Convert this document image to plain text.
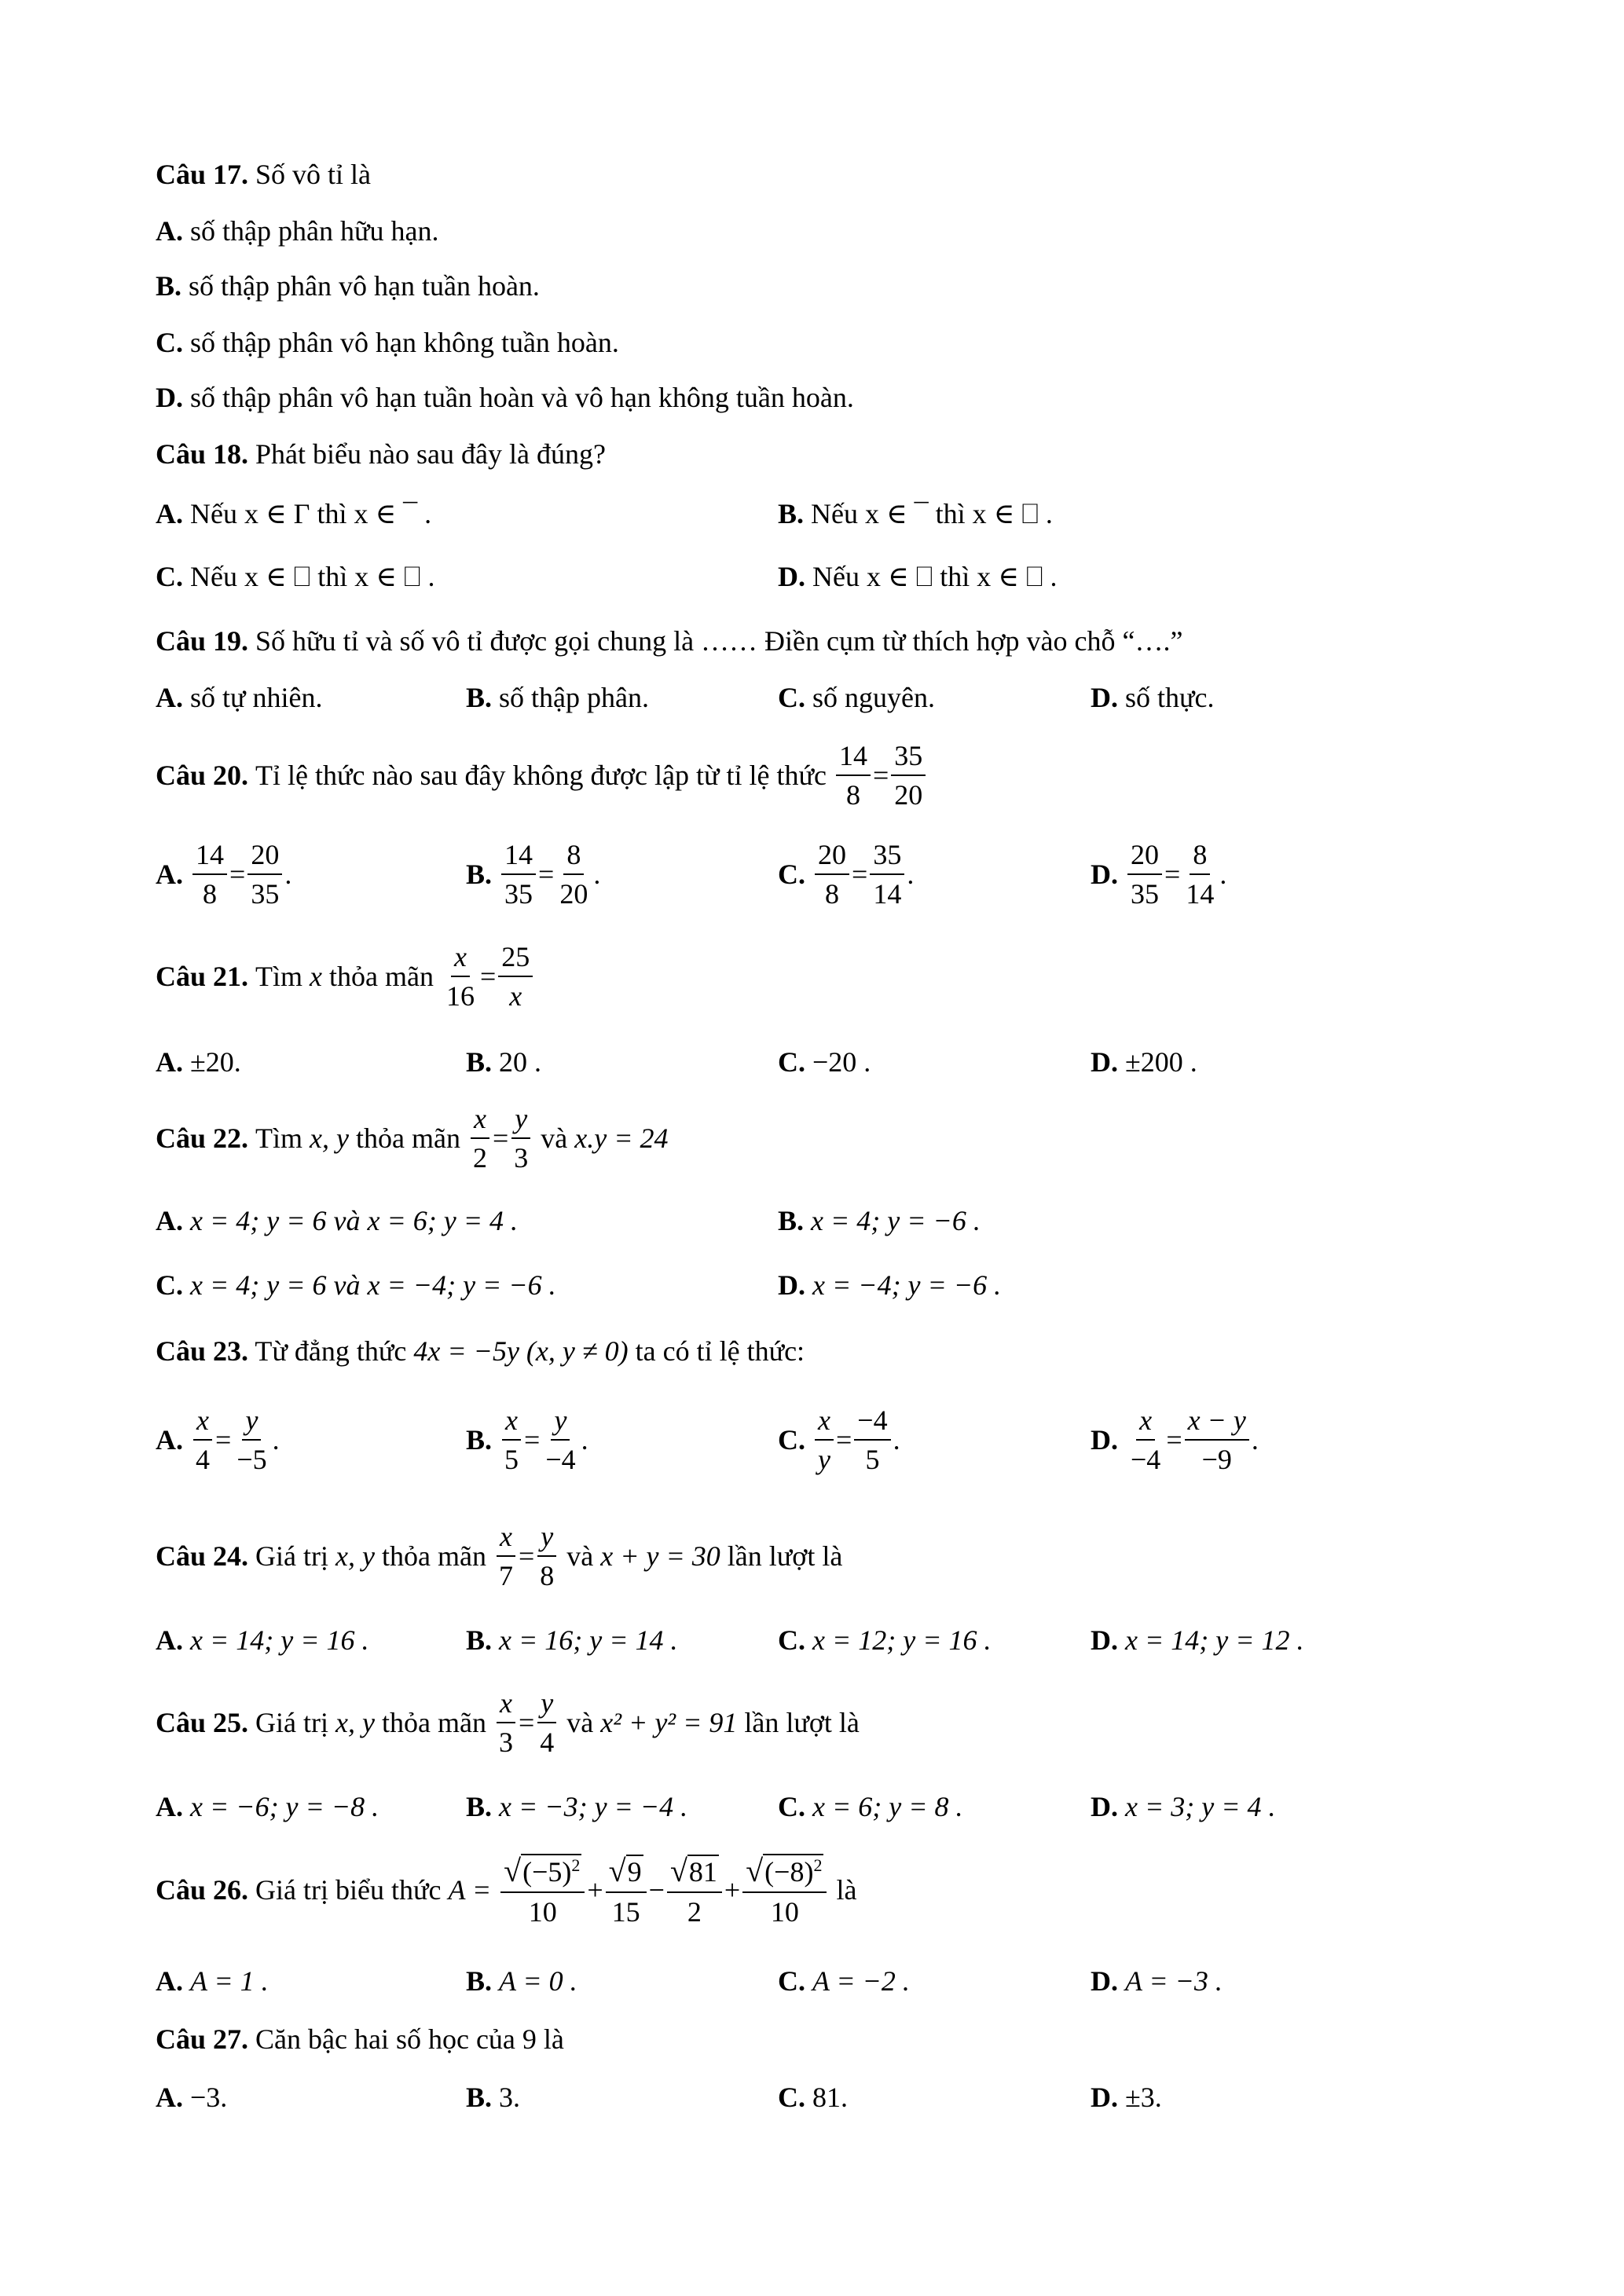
Câu 17. Số vô tỉ là
A. số thập phân hữu hạn.
B. số thập phân vô hạn tuần hoàn.
C. số thập phân vô hạn không tuần hoàn.
D. số thập phân vô hạn tuần hoàn và vô hạn không tuần hoàn.
Câu 18. Phát biểu nào sau đây là đúng?
A. Nếu x ∈ Γ thì x ∈ ¯ .	B. Nếu x ∈ ¯ thì x ∈ ⎕ .
C. Nếu x ∈ ⎕ thì x ∈ ⎕ .	D. Nếu x ∈ ⎕ thì x ∈ ⎕ .
Câu 19. Số hữu tỉ và số vô tỉ được gọi chung là …… Điền cụm từ thích hợp vào chỗ “….”
A. số tự nhiên.	B. số thập phân.	C. số nguyên.	D. số thực.
Câu 20. Tỉ lệ thức nào sau đây không được lập từ tỉ lệ thức $\frac{14}{8} = \frac{35}{20}$
A. $\frac{14}{8} = \frac{20}{35}$ .	B. $\frac{14}{35} = \frac{8}{20}$ .	C. $\frac{20}{8} = \frac{35}{14}$ .	D. $\frac{20}{35} = \frac{8}{14}$ .
Câu 21. Tìm x thỏa mãn $\frac{x}{16} = \frac{25}{x}$
A. ±20.	B. 20 .	C. −20 .	D. ±200 .
Câu 22. Tìm x, y thỏa mãn $\frac{x}{2} = \frac{y}{3}$ và x.y = 24
A. x = 4; y = 6 và x = 6; y = 4 .	B. x = 4; y = −6 .
C. x = 4; y = 6 và x = −4; y = −6 .	D. x = −4; y = −6 .
Câu 23. Từ đẳng thức 4x = −5y (x, y ≠ 0) ta có tỉ lệ thức:
A. $\frac{x}{4} = \frac{y}{-5}$ .	B. $\frac{x}{5} = \frac{y}{-4}$ .	C. $\frac{x}{y} = \frac{-4}{5}$ .	D. $\frac{x}{-4} = \frac{x - y}{-9}$ .
Câu 24. Giá trị x, y thỏa mãn $\frac{x}{7} = \frac{y}{8}$ và x + y = 30 lần lượt là
A. x = 14; y = 16 .	B. x = 16; y = 14 .	C. x = 12; y = 16 .	D. x = 14; y = 12 .
Câu 25. Giá trị x, y thỏa mãn $\frac{x}{3} = \frac{y}{4}$ và x² + y² = 91 lần lượt là
A. x = −6; y = −8 .	B. x = −3; y = −4 .	C. x = 6; y = 8 .	D. x = 3; y = 4 .
Câu 26. Giá trị biểu thức $A = \frac{√(-5)^2}{10} + \frac{√9}{15} - \frac{√81}{2} + \frac{√(-8)^2}{10}$ là
A. A = 1 .	B. A = 0 .	C. A = −2 .	D. A = −3 .
Câu 27. Căn bậc hai số học của 9 là
A. −3.	B. 3.	C. 81.	D. ±3.
